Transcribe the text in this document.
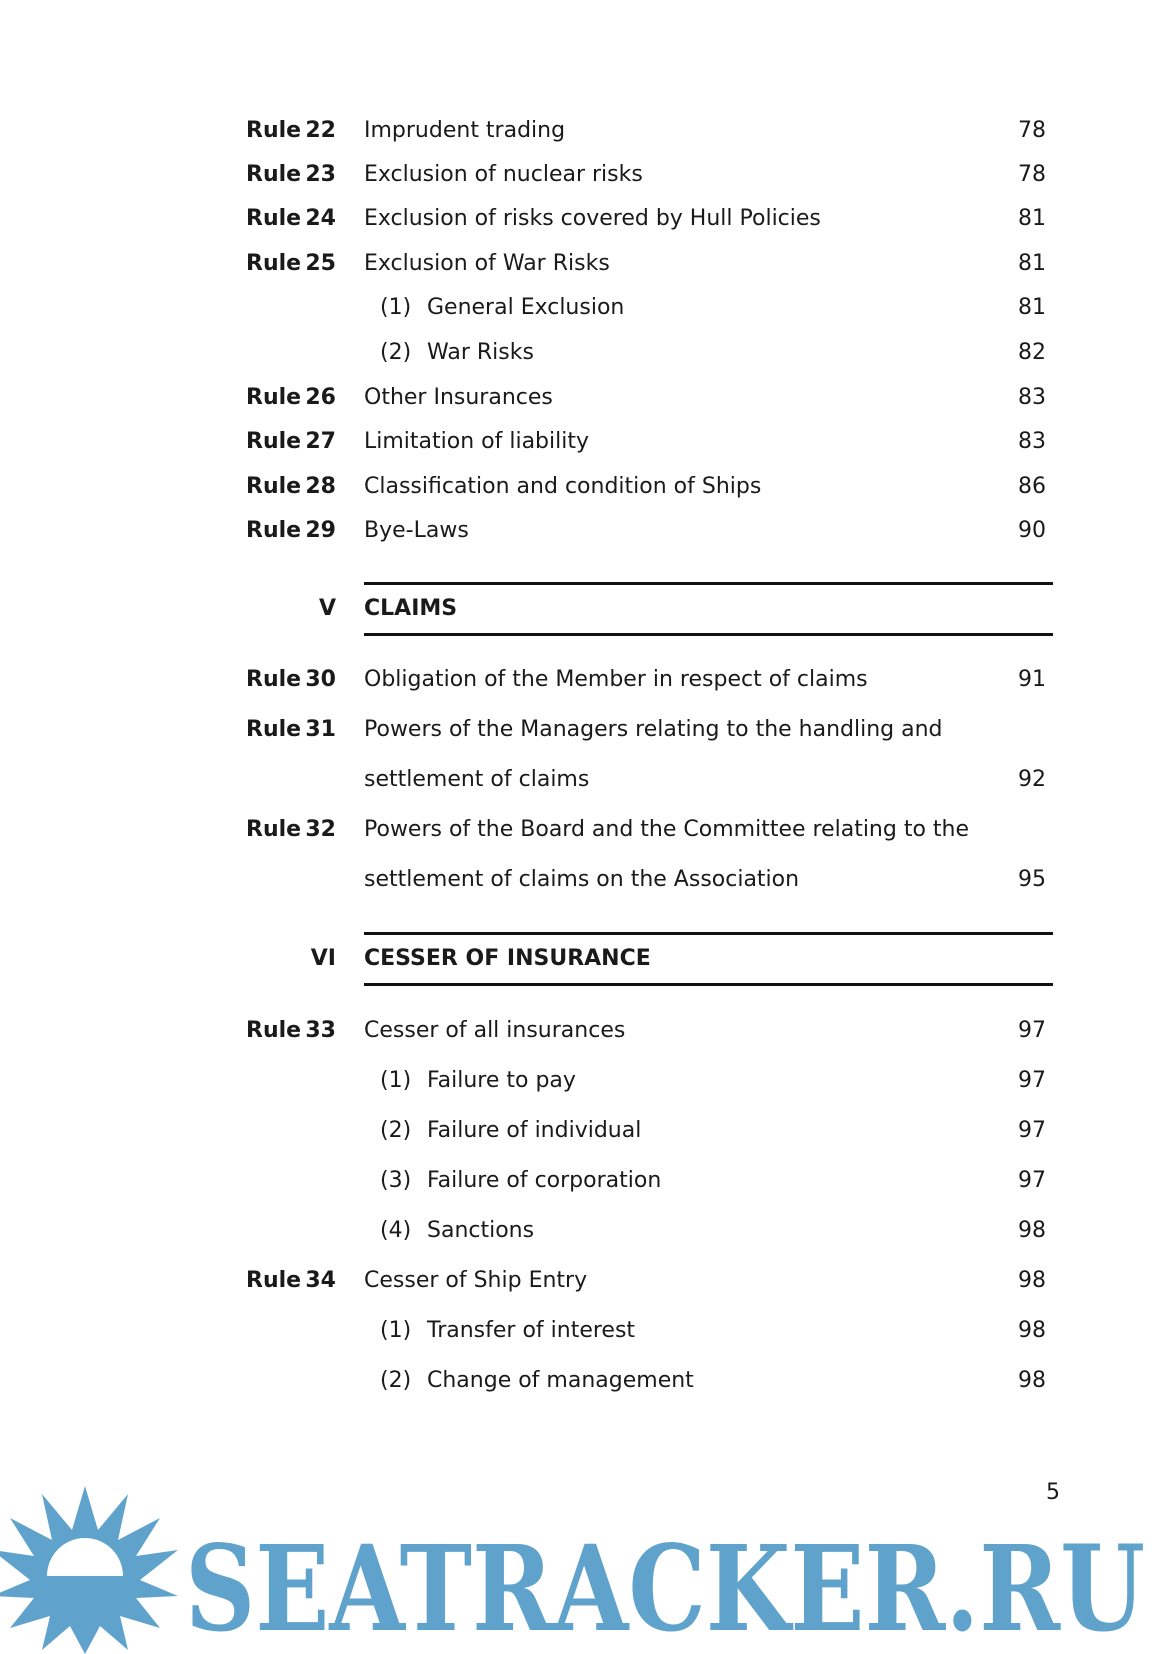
Rule 22 Imprudent trading	78
Rule 23 Exclusion of nuclear risks	78
Rule 24 Exclusion of risks covered by Hull Policies	81
Rule 25 Exclusion of War Risks	81
(1) General Exclusion	81
(2) War Risks	82
Rule 26 Other Insurances	83
Rule 27 Limitation of liability	83
Rule 28 Classification and condition of Ships	86
Rule 29 Bye-Laws	90
V CLAIMS
Rule 30 Obligation of the Member in respect of claims	91
Rule 31 Powers of the Managers relating to the handling and
settlement of claims	92
Rule 32 Powers of the Board and the Committee relating to the
settlement of claims on the Association	95
VI CESSER OF INSURANCE
Rule 33 Cesser of all insurances	97
(1) Failure to pay	97
(2) Failure of individual	97
(3) Failure of corporation	97
(4) Sanctions	98
Rule 34 Cesser of Ship Entry	98
(1) Transfer of interest	98
(2) Change of management	98
SEATRACKER.RU
5
